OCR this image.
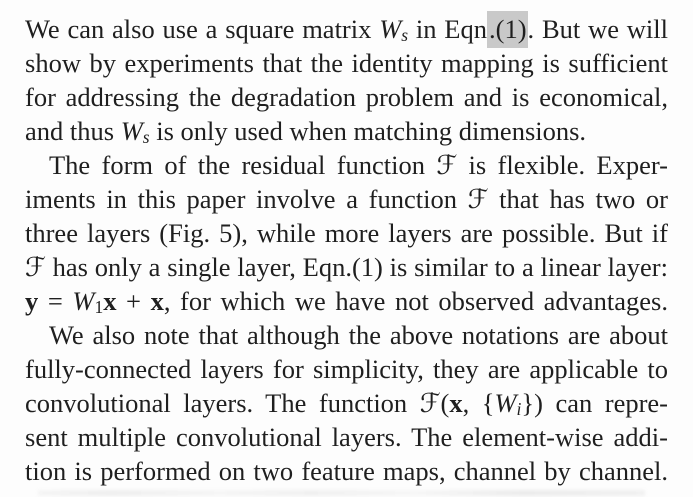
We can also use a square matrix Ws in Eqn.(1). But we will
show by experiments that the identity mapping is sufficient
for addressing the degradation problem and is economical,
and thus Ws is only used when matching dimensions.
The form of the residual function ℱ is flexible. Exper-
iments in this paper involve a function ℱ that has two or
three layers (Fig. 5), while more layers are possible. But if
ℱ has only a single layer, Eqn.(1) is similar to a linear layer:
y = W1x + x, for which we have not observed advantages.
We also note that although the above notations are about
fully-connected layers for simplicity, they are applicable to
convolutional layers. The function ℱ(x, {Wi}) can repre-
sent multiple convolutional layers. The element-wise addi-
tion is performed on two feature maps, channel by channel.
